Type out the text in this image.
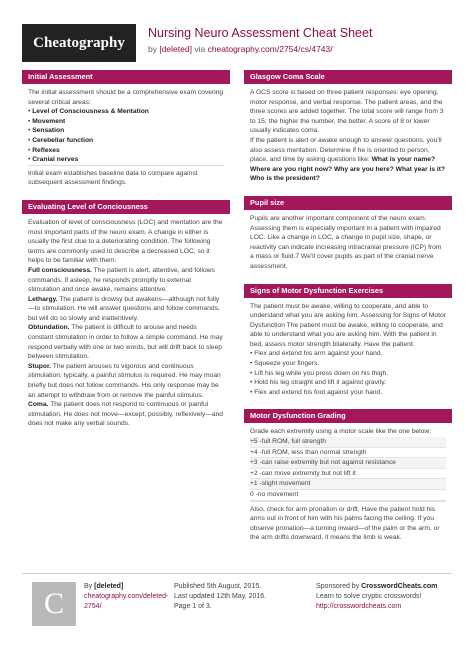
Cheatography
Nursing Neuro Assessment Cheat Sheet
by [deleted] via cheatography.com/2754/cs/4743/
Initial Assessment

The initial assessment should be a comprehensive exam covering several critical areas:

• Level of Consciousness & Mentation
• Movement
• Sensation
• Cerebellar function
• Reflexes
• Cranial nerves

Initial exam establishes baseline data to compare against subsequent assessment findings.

Evaluating Level of Conciousness

Evaluation of level of consciousness (LOC) and mentation are the most important parts of the neuro exam. A change in either is usually the first clue to a deteriorating condition. The following terms are commonly used to describe a decreased LOC, so it helps to be familiar with them:

Full consciousness. The patient is alert, attentive, and follows commands. If asleep, he responds promptly to external stimulation and once awake, remains attentive.

Lethargy. The patient is drowsy but awakens—although not fully—to stimulation. He will answer questions and follow commands, but will do so slowly and inattentively.

Obtundation. The patient is difficult to arouse and needs constant stimulation in order to follow a simple command. He may respond verbally with one or two words, but will drift back to sleep between stimulation.

Stupor. The patient arouses to vigorous and continuous stimulation; typically, a painful stimulus is required. He may moan briefly but does not follow commands. His only response may be an attempt to withdraw from or remove the painful stimulus.

Coma. The patient does not respond to continuous or painful stimulation. He does not move—except, possibly, reflexively—and does not make any verbal sounds.

Glasgow Coma Scale

A GCS score is based on three patient responses: eye opening, motor response, and verbal response. The patient areas, and the three scores are added together. The total score will range from 3 to 15; the higher the number, the better. A score of 8 or lower usually indicates coma.

If the patient is alert or awake enough to answer questions, you'll also assess mentation. Determine if he is oriented to person, place, and time by asking questions like: What is your name? Where are you right now? Why are you here? What year is it? Who is the president?

Pupil size

Pupils are another important component of the neuro exam. Assessing them is especially important in a patient with impaired LOC. Like a change in LOC, a change in pupil size, shape, or reactivity can indicate increasing intracranial pressure (ICP) from a mass or fluid.7 We'll cover pupils as part of the cranial nerve assessment.

Signs of Motor Dysfunction Exercises

The patient must be awake, willing to cooperate, and able to understand what you are asking him. Assessing for Signs of Motor Dysfunction The patient must be awake, willing to cooperate, and able to understand what you are asking him. With the patient in bed, assess motor strength bilaterally. Have the patient:

• Flex and extend his arm against your hand.
• Squeeze your fingers.
• Lift his leg while you press down on his thigh.
• Hold his leg straight and lift it against gravity.
• Flex and extend his foot against your hand.
Motor Dysfunction Grading

Grade each extremity using a motor scale like the one below:

+5 -full ROM, full strength
+4 -full ROM, less than normal strength
+3 -can raise extremity but not against resistance
+2 -can move extremity but not lift it
+1 -slight movement
0 -no movement

Also, check for arm pronation or drift. Have the patient hold his arms out in front of him with his palms facing the ceiling. If you observe pronation—a turning inward—of the palm or the arm, or the arm drifts downward, it means the limb is weak.

C
By [deleted]
cheatography.com/deleted-2754/
Published 5th August, 2015.
Last updated 12th May, 2016.
Page 1 of 3.
Sponsored by CrosswordCheats.com
Learn to solve cryptic crosswords!
http://crosswordcheats.com
